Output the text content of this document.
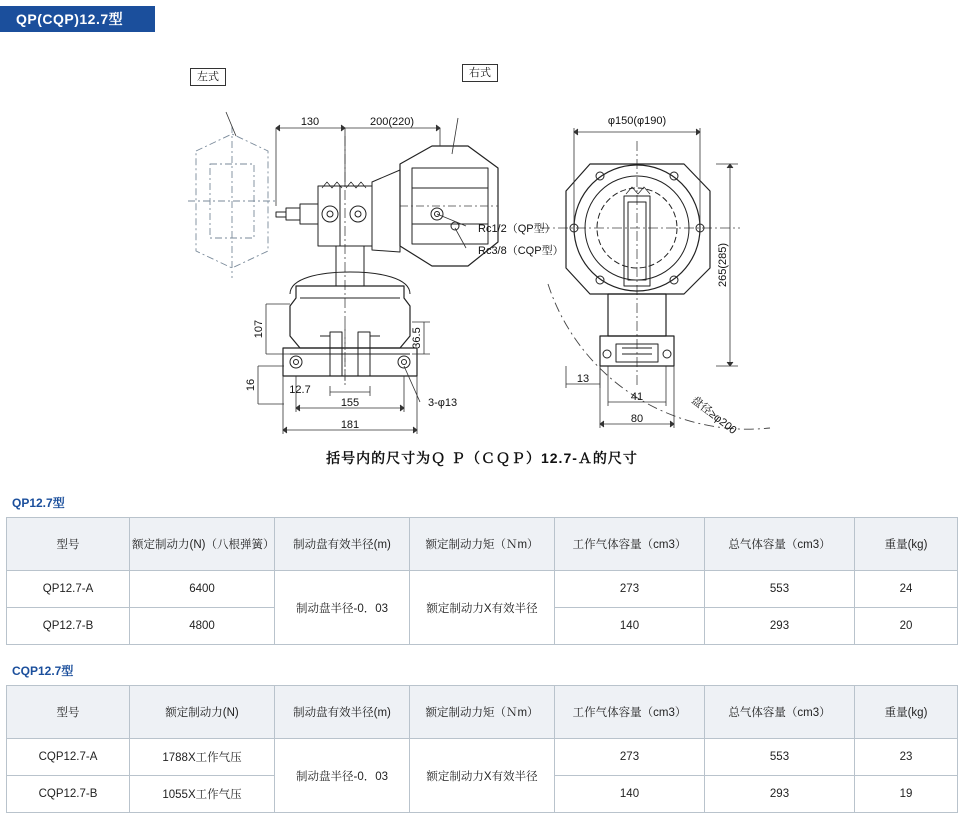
QP(CQP)12.7型
130	200(220)	φ150(φ190)
12.7
155
181
13
41
80
107
16
36.5
265(285)
盘径≥φ200
Rc1/2（QP型）
Rc3/8（CQP型）
3-φ13
左式	右式
括号内的尺寸为Ｑ Ｐ（ＣＱＰ）12.7-Ａ的尺寸
QP12.7型
型号	额定制动力(N)（八根弹簧）	制动盘有效半径(m)	额定制动力矩（Ｎm）	工作气体容量（cm3）	总气体容量（cm3）	重量(kg)
QP12.7-A	6400	制动盘半径-0．03	额定制动力X有效半径	273	553	24
QP12.7-B	4800			140	293	20
CQP12.7型
型号	额定制动力(N)	制动盘有效半径(m)	额定制动力矩（Ｎm）	工作气体容量（cm3）	总气体容量（cm3）	重量(kg)
CQP12.7-A	1788X工作气压	制动盘半径-0．03	额定制动力X有效半径	273	553	23
CQP12.7-B	1055X工作气压			140	293	19
